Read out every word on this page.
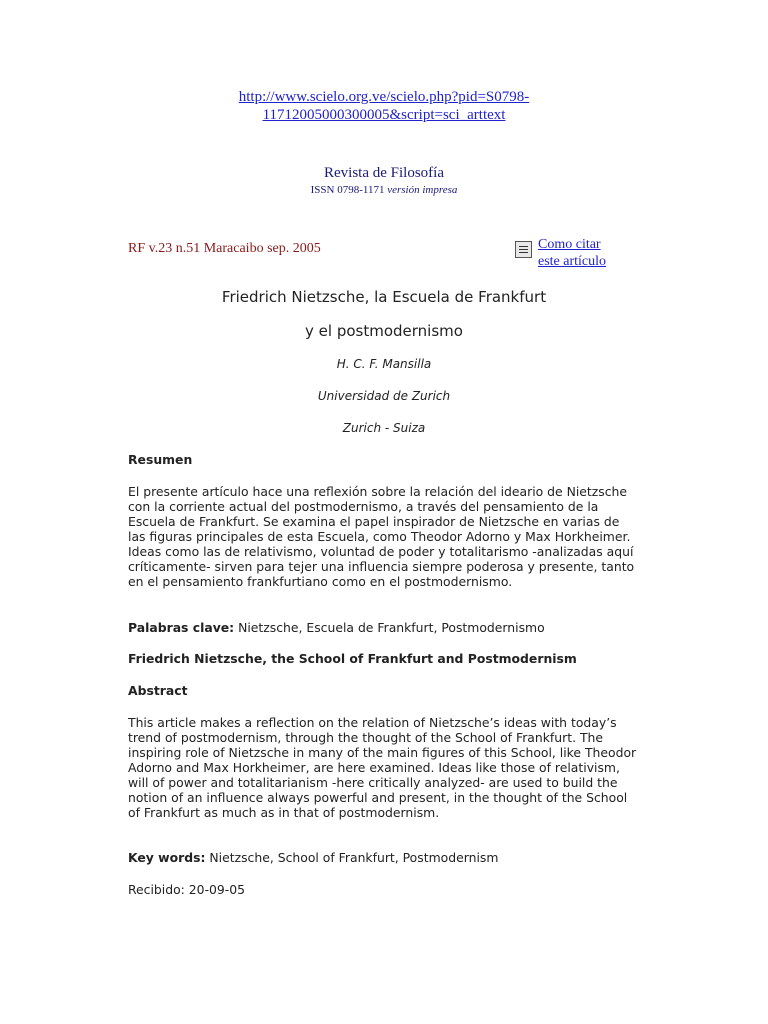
http://www.scielo.org.ve/scielo.php?pid=S0798-
11712005000300005&script=sci_arttext
Revista de Filosofía
ISSN 0798-1171 versión impresa
RF v.23 n.51 Maracaibo sep. 2005	Como citar
este artículo
Friedrich Nietzsche, la Escuela de Frankfurt
y el postmodernismo
H. C. F. Mansilla
Universidad de Zurich
Zurich - Suiza
Resumen
El presente artículo hace una reflexión sobre la relación del ideario de Nietzsche con la corriente actual del postmodernismo, a través del pensamiento de la Escuela de Frankfurt. Se examina el papel inspirador de Nietzsche en varias de las figuras principales de esta Escuela, como Theodor Adorno y Max Horkheimer. Ideas como las de relativismo, voluntad de poder y totalitarismo -analizadas aquí críticamente- sirven para tejer una influencia siempre poderosa y presente, tanto en el pensamiento frankfurtiano como en el postmodernismo.
Palabras clave: Nietzsche, Escuela de Frankfurt, Postmodernismo
Friedrich Nietzsche, the School of Frankfurt and Postmodernism
Abstract
This article makes a reflection on the relation of Nietzsche’s ideas with today’s trend of postmodernism, through the thought of the School of Frankfurt. The inspiring role of Nietzsche in many of the main figures of this School, like Theodor Adorno and Max Horkheimer, are here examined. Ideas like those of relativism, will of power and totalitarianism -here critically analyzed- are used to build the notion of an influence always powerful and present, in the thought of the School of Frankfurt as much as in that of postmodernism.
Key words: Nietzsche, School of Frankfurt, Postmodernism
Recibido: 20-09-05
